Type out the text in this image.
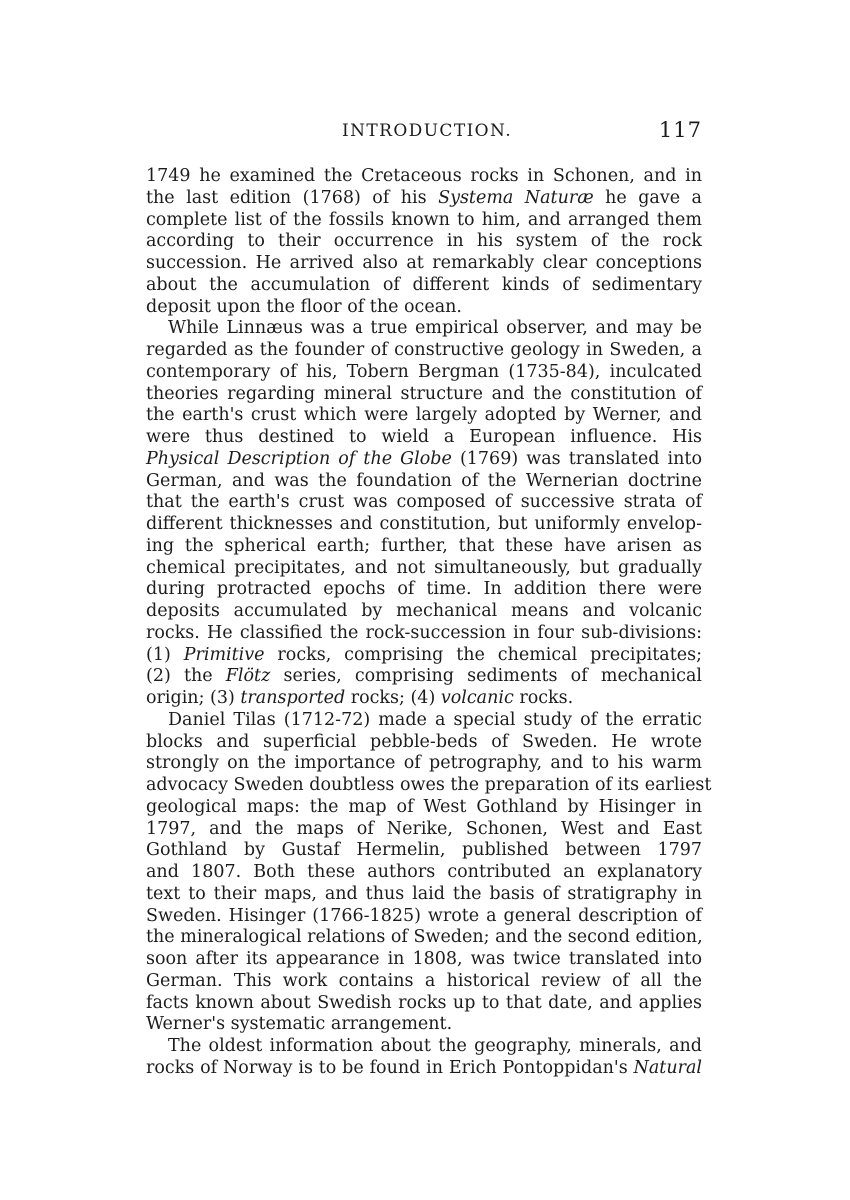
INTRODUCTION.	117
1749 he examined the Cretaceous rocks in Schonen, and in
the last edition (1768) of his Systema Naturæ he gave a
complete list of the fossils known to him, and arranged them
according to their occurrence in his system of the rock
succession. He arrived also at remarkably clear conceptions
about the accumulation of different kinds of sedimentary
deposit upon the floor of the ocean.
While Linnæus was a true empirical observer, and may be
regarded as the founder of constructive geology in Sweden, a
contemporary of his, Tobern Bergman (1735-84), inculcated
theories regarding mineral structure and the constitution of
the earth's crust which were largely adopted by Werner, and
were thus destined to wield a European influence. His
Physical Description of the Globe (1769) was translated into
German, and was the foundation of the Wernerian doctrine
that the earth's crust was composed of successive strata of
different thicknesses and constitution, but uniformly envelop-
ing the spherical earth; further, that these have arisen as
chemical precipitates, and not simultaneously, but gradually
during protracted epochs of time. In addition there were
deposits accumulated by mechanical means and volcanic
rocks. He classified the rock-succession in four sub-divisions:
(1) Primitive rocks, comprising the chemical precipitates;
(2) the Flötz series, comprising sediments of mechanical
origin; (3) transported rocks; (4) volcanic rocks.
Daniel Tilas (1712-72) made a special study of the erratic
blocks and superficial pebble-beds of Sweden. He wrote
strongly on the importance of petrography, and to his warm
advocacy Sweden doubtless owes the preparation of its earliest
geological maps: the map of West Gothland by Hisinger in
1797, and the maps of Nerike, Schonen, West and East
Gothland by Gustaf Hermelin, published between 1797
and 1807. Both these authors contributed an explanatory
text to their maps, and thus laid the basis of stratigraphy in
Sweden. Hisinger (1766-1825) wrote a general description of
the mineralogical relations of Sweden; and the second edition,
soon after its appearance in 1808, was twice translated into
German. This work contains a historical review of all the
facts known about Swedish rocks up to that date, and applies
Werner's systematic arrangement.
The oldest information about the geography, minerals, and
rocks of Norway is to be found in Erich Pontoppidan's Natural
